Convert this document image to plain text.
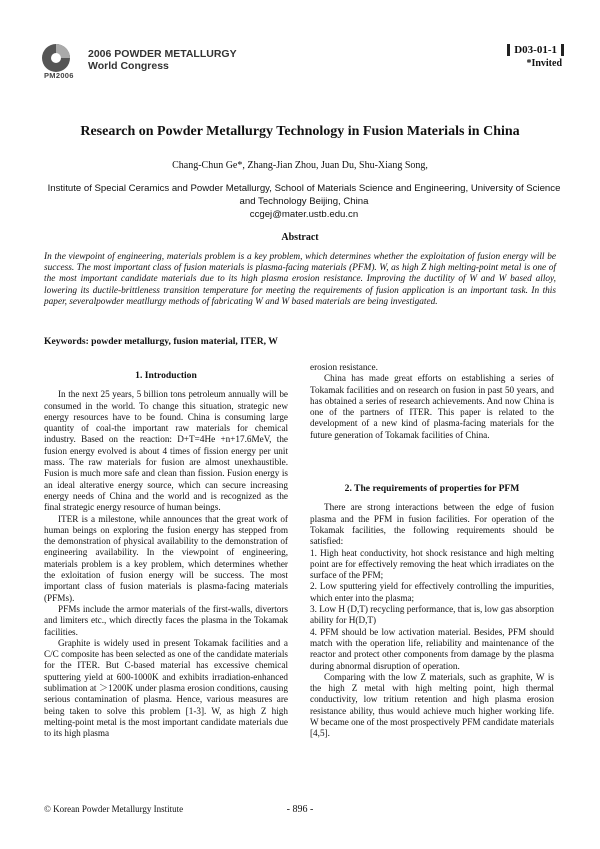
PM2006
2006 POWDER METALLURGY
World Congress
D03-01-1
*Invited
Research on Powder Metallurgy Technology in Fusion Materials in China
Chang-Chun Ge*, Zhang-Jian Zhou, Juan Du, Shu-Xiang Song,
Institute of Special Ceramics and Powder Metallurgy, School of Materials Science and Engineering, University of Science and Technology Beijing, China
ccgej@mater.ustb.edu.cn
Abstract
In the viewpoint of engineering, materials problem is a key problem, which determines whether the exploitation of fusion energy will be success. The most important class of fusion materials is plasma-facing materials (PFM). W, as high Z high melting-point metal is one of the most important candidate materials due to its high plasma erosion resistance. Improving the ductility of W and W based alloy, lowering its ductile-brittleness transition temperature for meeting the requirements of fusion application is an important task. In this paper, severalpowder meatllurgy methods of fabricating W and W based materials are being investigated.
Keywords: powder metallurgy, fusion material, ITER, W
1. Introduction

In the next 25 years, 5 billion tons petroleum annually will be consumed in the world. To change this situation, strategic new energy resources have to be found. China is consuming large quantity of coal-the important raw materials for chemical industry. Based on the reaction: D+T=4He +n+17.6MeV, the fusion energy evolved is about 4 times of fission energy per unit mass. The raw materials for fusion are almost unexhaustible. Fusion is much more safe and clean than fission. Fusion energy is an ideal alterative energy source, which can secure increasing energy needs of China and the world and is recognized as the final strategic energy resource of human beings.

ITER is a milestone, while announces that the great work of human beings on exploring the fusion energy has stepped from the demonstration of physical availability to the demonstration of engineering availability. In the viewpoint of engineering, materials problem is a key problem, which determines whether the exloitation of fusion energy will be success. The most important class of fusion materials is plasma-facing materials (PFMs).

PFMs include the armor materials of the first-walls, divertors and limiters etc., which directly faces the plasma in the Tokamak facilities.

Graphite is widely used in present Tokamak facilities and a C/C composite has been selected as one of the candidate materials for the ITER. But C-based material has excessive chemical sputtering yield at 600-1000K and exhibits irradiation-enhanced sublimation at ＞1200K under plasma erosion conditions, causing serious contamination of plasma. Hence, various measures are being taken to solve this problem [1-3]. W, as high Z high melting-point metal is the most important candidate materials due to its high plasma

erosion resistance.

China has made great efforts on establishing a series of Tokamak facilities and on research on fusion in past 50 years, and has obtained a series of research achievements. And now China is one of the partners of ITER. This paper is related to the development of a new kind of plasma-facing materials for the future generation of Tokamak facilities of China.

2. The requirements of properties for PFM

There are strong interactions between the edge of fusion plasma and the PFM in fusion facilities. For operation of the Tokamak facilities, the following requirements should be satisfied:

1. High heat conductivity, hot shock resistance and high melting point are for effectively removing the heat which irradiates on the surface of the PFM;

2. Low sputtering yield for effectively controlling the impurities, which enter into the plasma;

3. Low H (D,T) recycling performance, that is, low gas absorption ability for H(D,T)

4. PFM should be low activation material. Besides, PFM should match with the operation life, reliability and maintenance of the reactor and protect other components from damage by the plasma during abnormal disruption of operation.

Comparing with the low Z materials, such as graphite, W is the high Z metal with high melting point, high thermal conductivity, low tritium retention and high plasma erosion resistance ability, thus would achieve much higher working life. W became one of the most prospectively PFM candidate materials [4,5].

© Korean Powder Metallurgy Institute	- 896 -
